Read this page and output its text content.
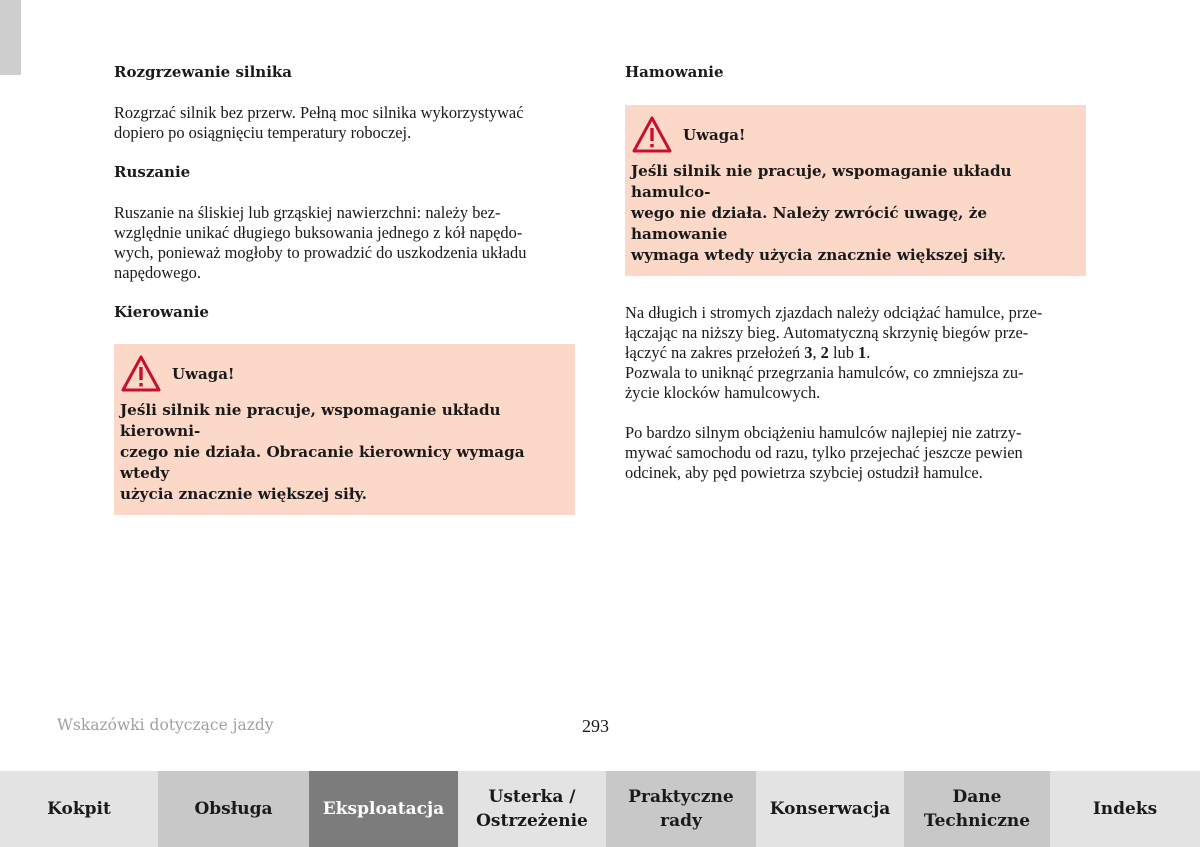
Rozgrzewanie silnika

Rozgrzać silnik bez przerw. Pełną moc silnika wykorzystywać
dopiero po osiągnięciu temperatury roboczej.

Ruszanie

Ruszanie na śliskiej lub grząskiej nawierzchni: należy bez-
względnie unikać długiego buksowania jednego z kół napędo-
wych, ponieważ mogłoby to prowadzić do uszkodzenia układu
napędowego.

Kierowanie

Uwaga!

Jeśli silnik nie pracuje, wspomaganie układu kierowni-
czego nie działa. Obracanie kierownicy wymaga wtedy
użycia znacznie większej siły.

Hamowanie

Uwaga!

Jeśli silnik nie pracuje, wspomaganie układu hamulco-
wego nie działa. Należy zwrócić uwagę, że hamowanie
wymaga wtedy użycia znacznie większej siły.

Na długich i stromych zjazdach należy odciążać hamulce, prze-
łączając na niższy bieg. Automatyczną skrzynię biegów prze-
łączyć na zakres przełożeń 3, 2 lub 1.
Pozwala to uniknąć przegrzania hamulców, co zmniejsza zu-
życie klocków hamulcowych.

Po bardzo silnym obciążeniu hamulców najlepiej nie zatrzy-
mywać samochodu od razu, tylko przejechać jeszcze pewien
odcinek, aby pęd powietrza szybciej ostudził hamulce.

Wskazówki dotyczące jazdy	293
Kokpit	Obsługa	Eksploatacja
Usterka /
Ostrzeżenie
Praktyczne
rady
Konserwacja
Dane
Techniczne
Indeks
